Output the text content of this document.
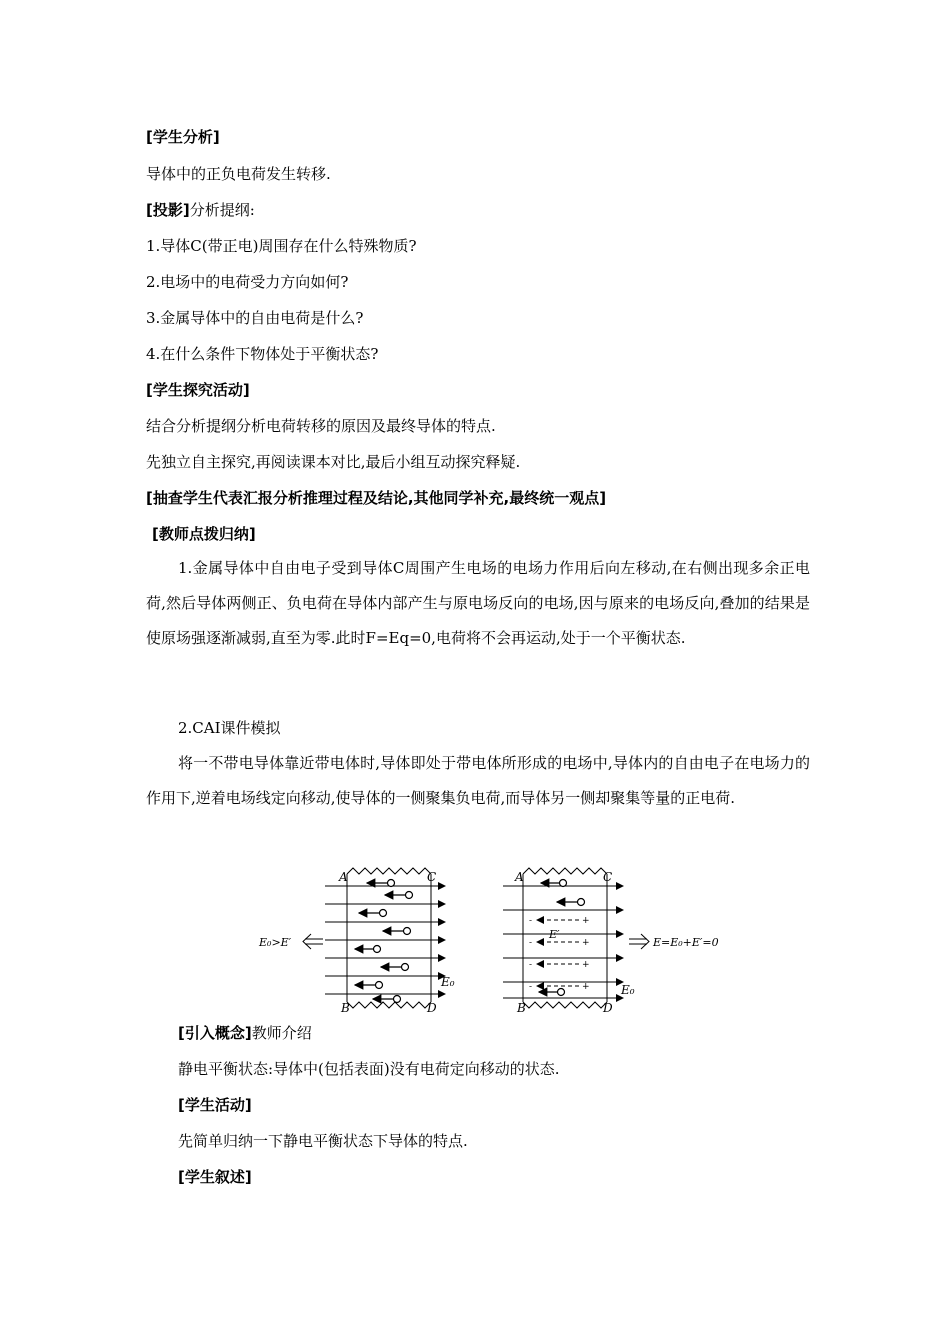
[学生分析]
导体中的正负电荷发生转移.
[投影]分析提纲:
1.导体C(带正电)周围存在什么特殊物质?
2.电场中的电荷受力方向如何?
3.金属导体中的自由电荷是什么?
4.在什么条件下物体处于平衡状态?
[学生探究活动]
结合分析提纲分析电荷转移的原因及最终导体的特点.
先独立自主探究,再阅读课本对比,最后小组互动探究释疑.
[抽查学生代表汇报分析推理过程及结论,其他同学补充,最终统一观点]
[教师点拨归纳]
1.金属导体中自由电子受到导体C周围产生电场的电场力作用后向左移动,在右侧出现多余正电荷,然后导体两侧正、负电荷在导体内部产生与原电场反向的电场,因与原来的电场反向,叠加的结果是使原场强逐渐减弱,直至为零.此时F=Eq=0,电荷将不会再运动,处于一个平衡状态.
2.CAI课件模拟
将一不带电导体靠近带电体时,导体即处于带电体所形成的电场中,导体内的自由电子在电场力的作用下,逆着电场线定向移动,使导体的一侧聚集负电荷,而导体另一侧却聚集等量的正电荷.
A	C
B	D
E₀
E₀>E′
-	+
-	+
-	+
-	+
A	C
B	D
E₀
E′
E=E₀+E′=0
[引入概念]教师介绍
静电平衡状态:导体中(包括表面)没有电荷定向移动的状态.
[学生活动]
先简单归纳一下静电平衡状态下导体的特点.
[学生叙述]
